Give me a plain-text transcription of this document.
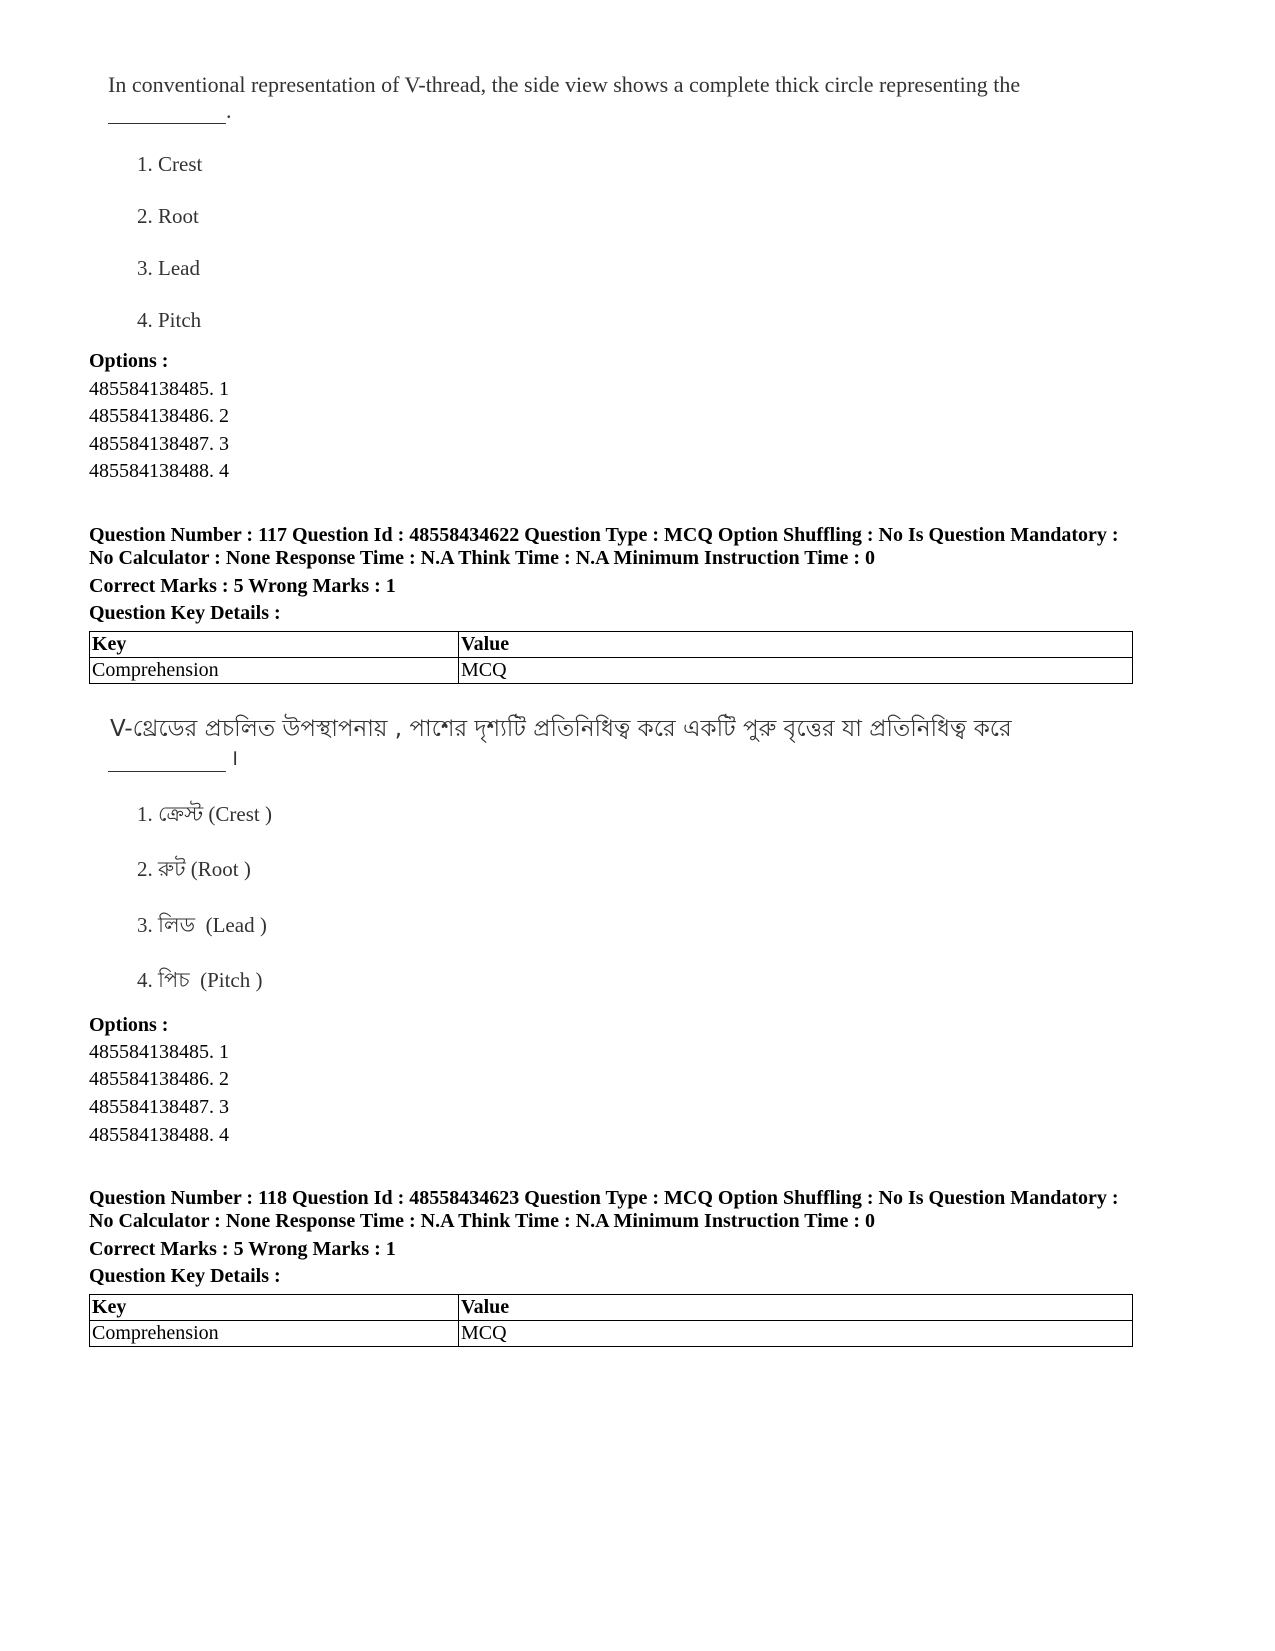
In conventional representation of V-thread, the side view shows a complete thick circle representing the
.
1. Crest
2. Root
3. Lead
4. Pitch
Options :
485584138485. 1
485584138486. 2
485584138487. 3
485584138488. 4
Question Number : 117 Question Id : 48558434622 Question Type : MCQ Option Shuffling : No Is Question Mandatory :
No Calculator : None Response Time : N.A Think Time : N.A Minimum Instruction Time : 0
Correct Marks : 5 Wrong Marks : 1
Question Key Details :
Key	Value
Comprehension	MCQ
V-থ্রেডের প্রচলিত উপস্থাপনায় , পাশের দৃশ্যটি প্রতিনিধিত্ব করে একটি পুরু বৃত্তের যা প্রতিনিধিত্ব করে
।
1. ক্রেস্ট (Crest )
2. রুট (Root )
3. লিড  (Lead )
4. পিচ  (Pitch )
Options :
485584138485. 1
485584138486. 2
485584138487. 3
485584138488. 4
Question Number : 118 Question Id : 48558434623 Question Type : MCQ Option Shuffling : No Is Question Mandatory :
No Calculator : None Response Time : N.A Think Time : N.A Minimum Instruction Time : 0
Correct Marks : 5 Wrong Marks : 1
Question Key Details :
Key	Value
Comprehension	MCQ
